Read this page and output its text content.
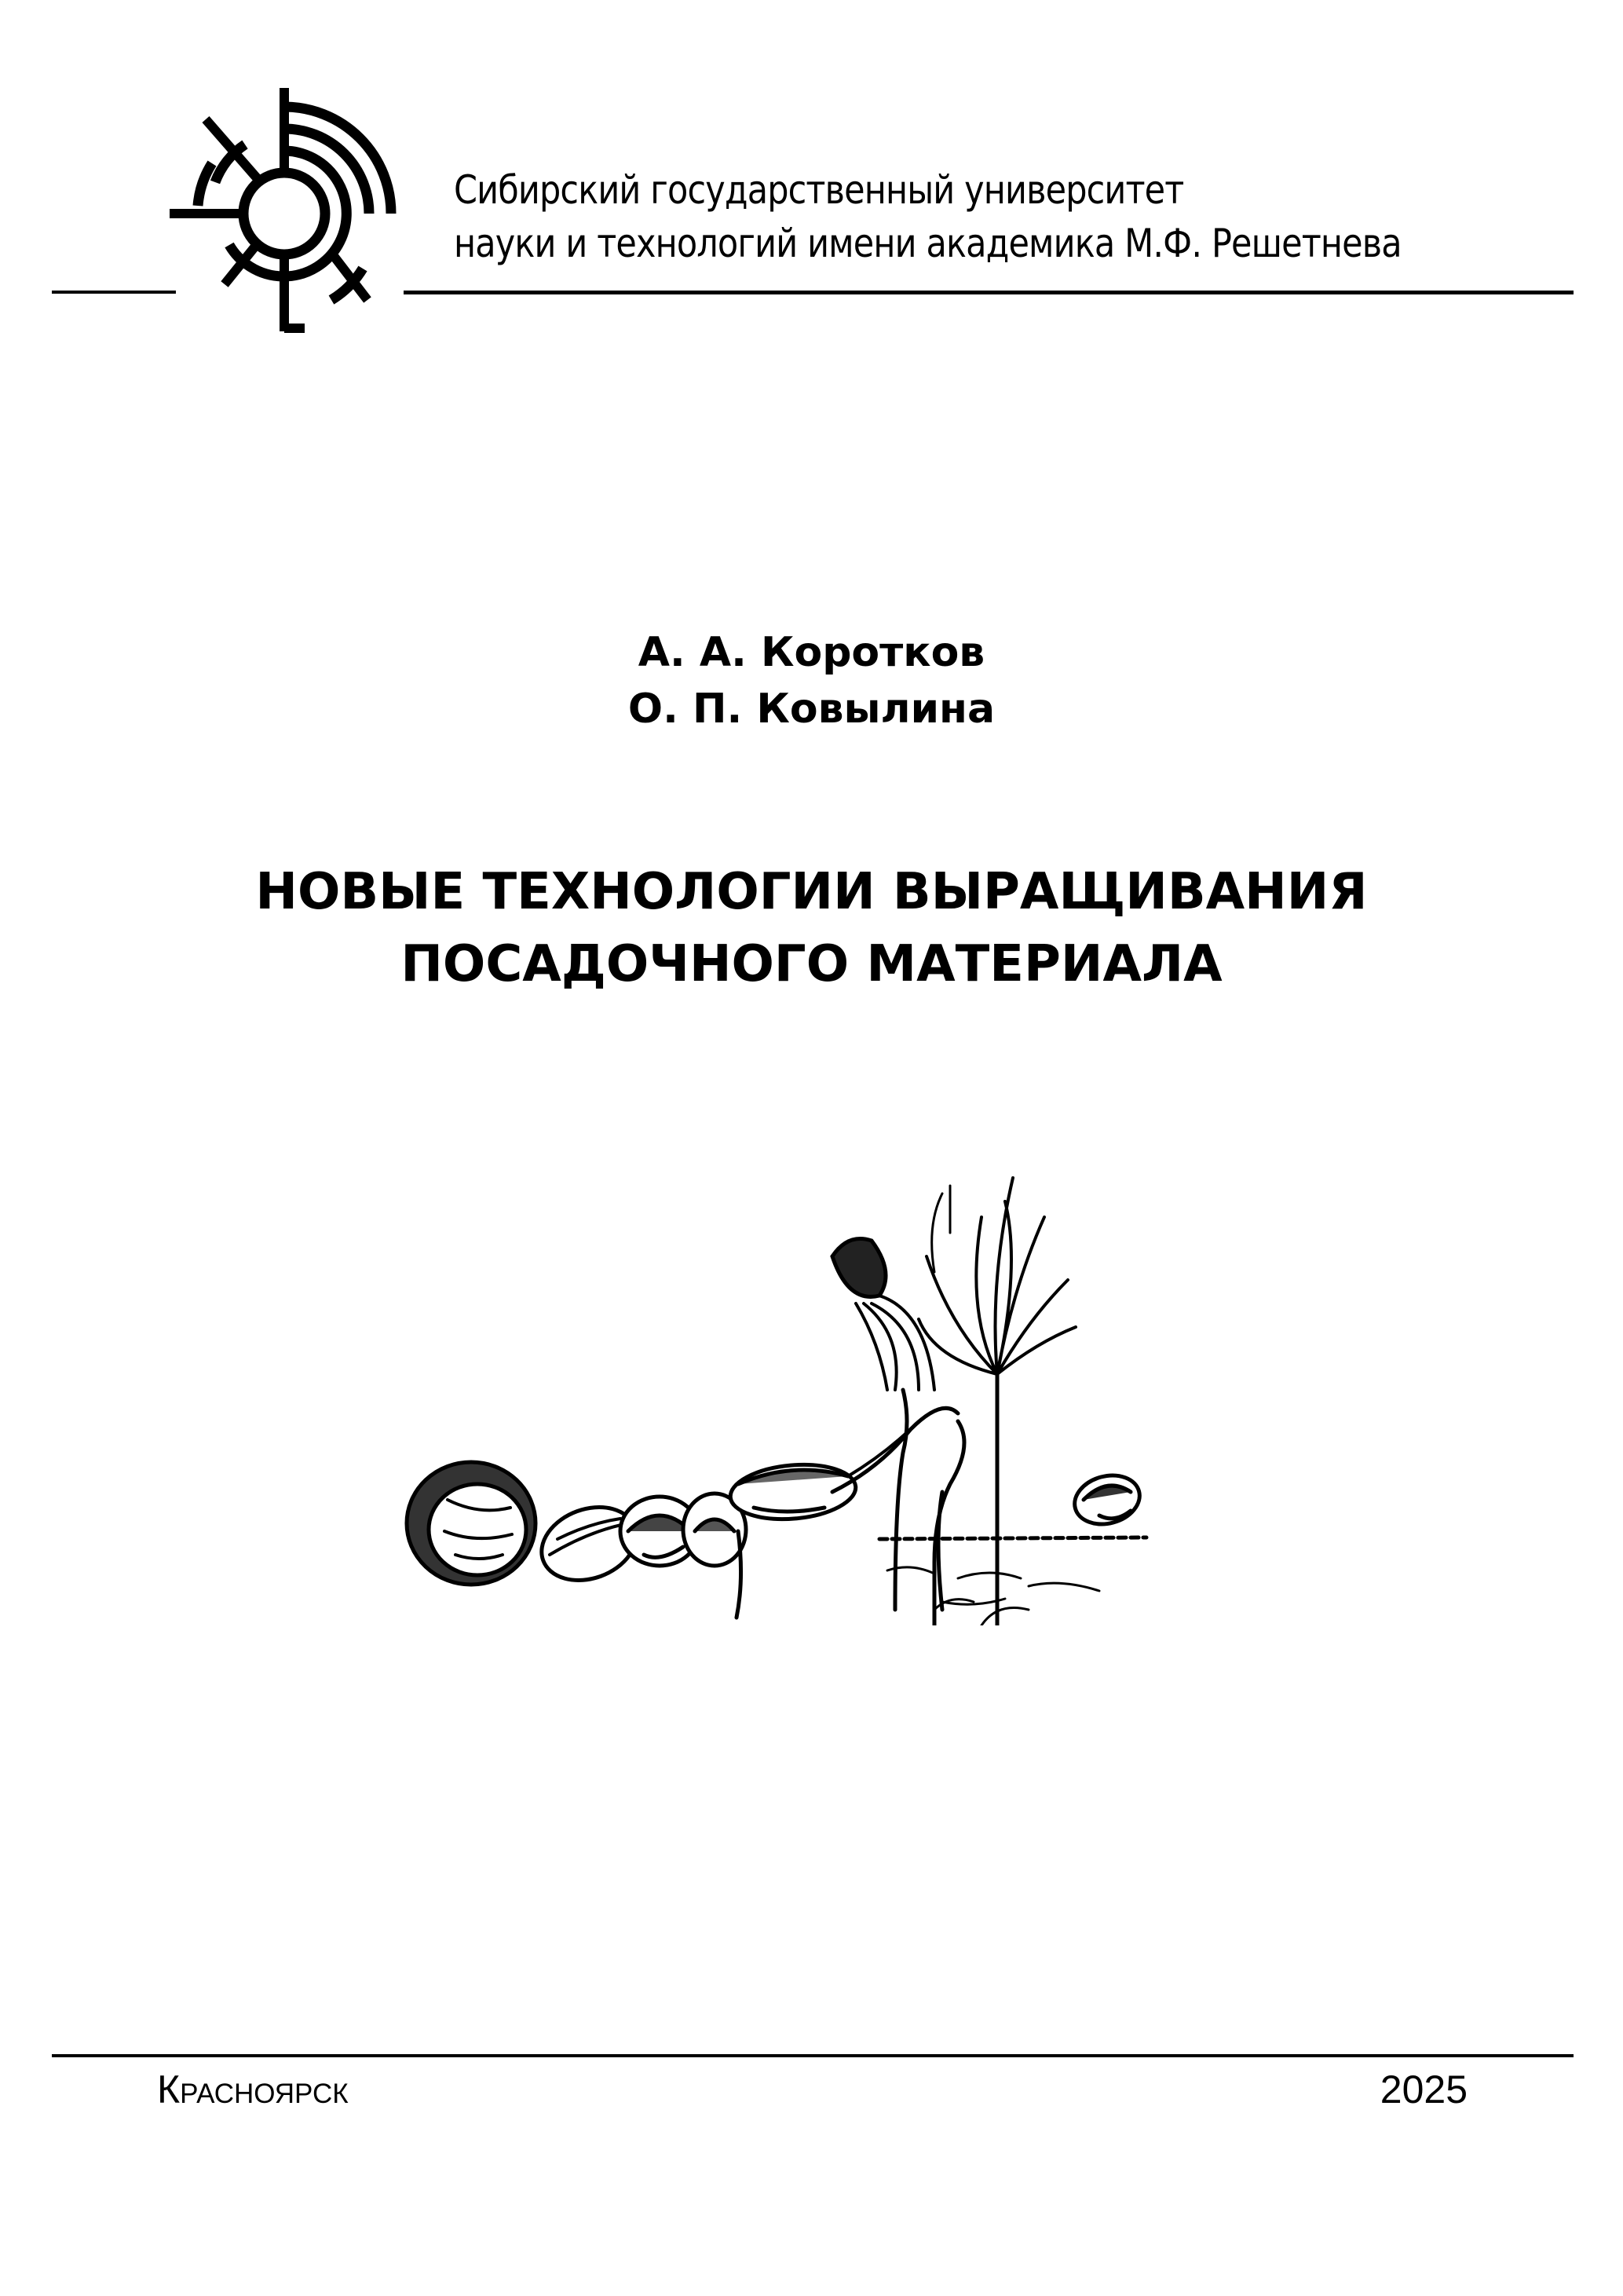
Сибирский государственный университет
науки и технологий имени академика М.Ф. Решетнева
А. А. Коротков
О. П. Ковылина
НОВЫЕ ТЕХНОЛОГИИ ВЫРАЩИВАНИЯ
ПОСАДОЧНОГО МАТЕРИАЛА
Красноярск	2025
